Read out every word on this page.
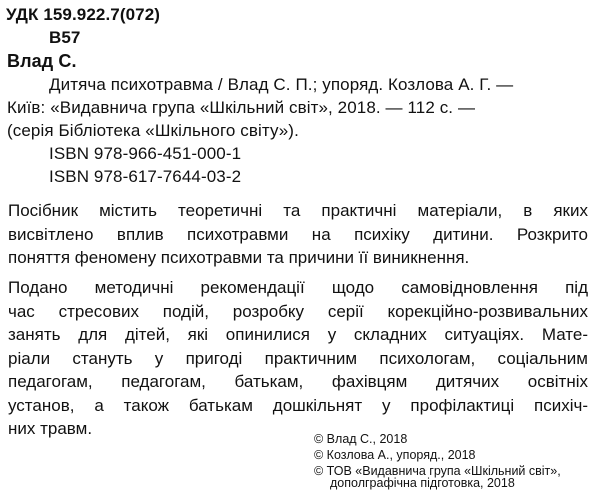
УДК 159.922.7(072)
В57
Влад С.
Дитяча психотравма / Влад С. П.; упоряд. Козлова А. Г. —
Київ: «Видавнича група «Шкільний світ», 2018. — 112 с. —
(серія Бібліотека «Шкільного світу»).
ISBN 978-966-451-000-1
ISBN 978-617-7644-03-2
Посібник містить теоретичні та практичні матеріали, в яких
висвітлено вплив психотравми на психіку дитини. Розкрито
поняття феномену психотравми та причини її виникнення.
Подано методичні рекомендації щодо самовідновлення під
час стресових подій, розробку серії корекційно-розвивальних
занять для дітей, які опинилися у складних ситуаціях. Мате-
ріали стануть у пригоді практичним психологам, соціальним
педагогам, педагогам, батькам, фахівцям дитячих освітніх
установ, а також батькам дошкільнят у профілактиці психіч-
них травм.
© Влад С., 2018
© Козлова А., упоряд., 2018
© ТОВ «Видавнича група «Шкільний світ»,
дополграфічна підготовка, 2018
